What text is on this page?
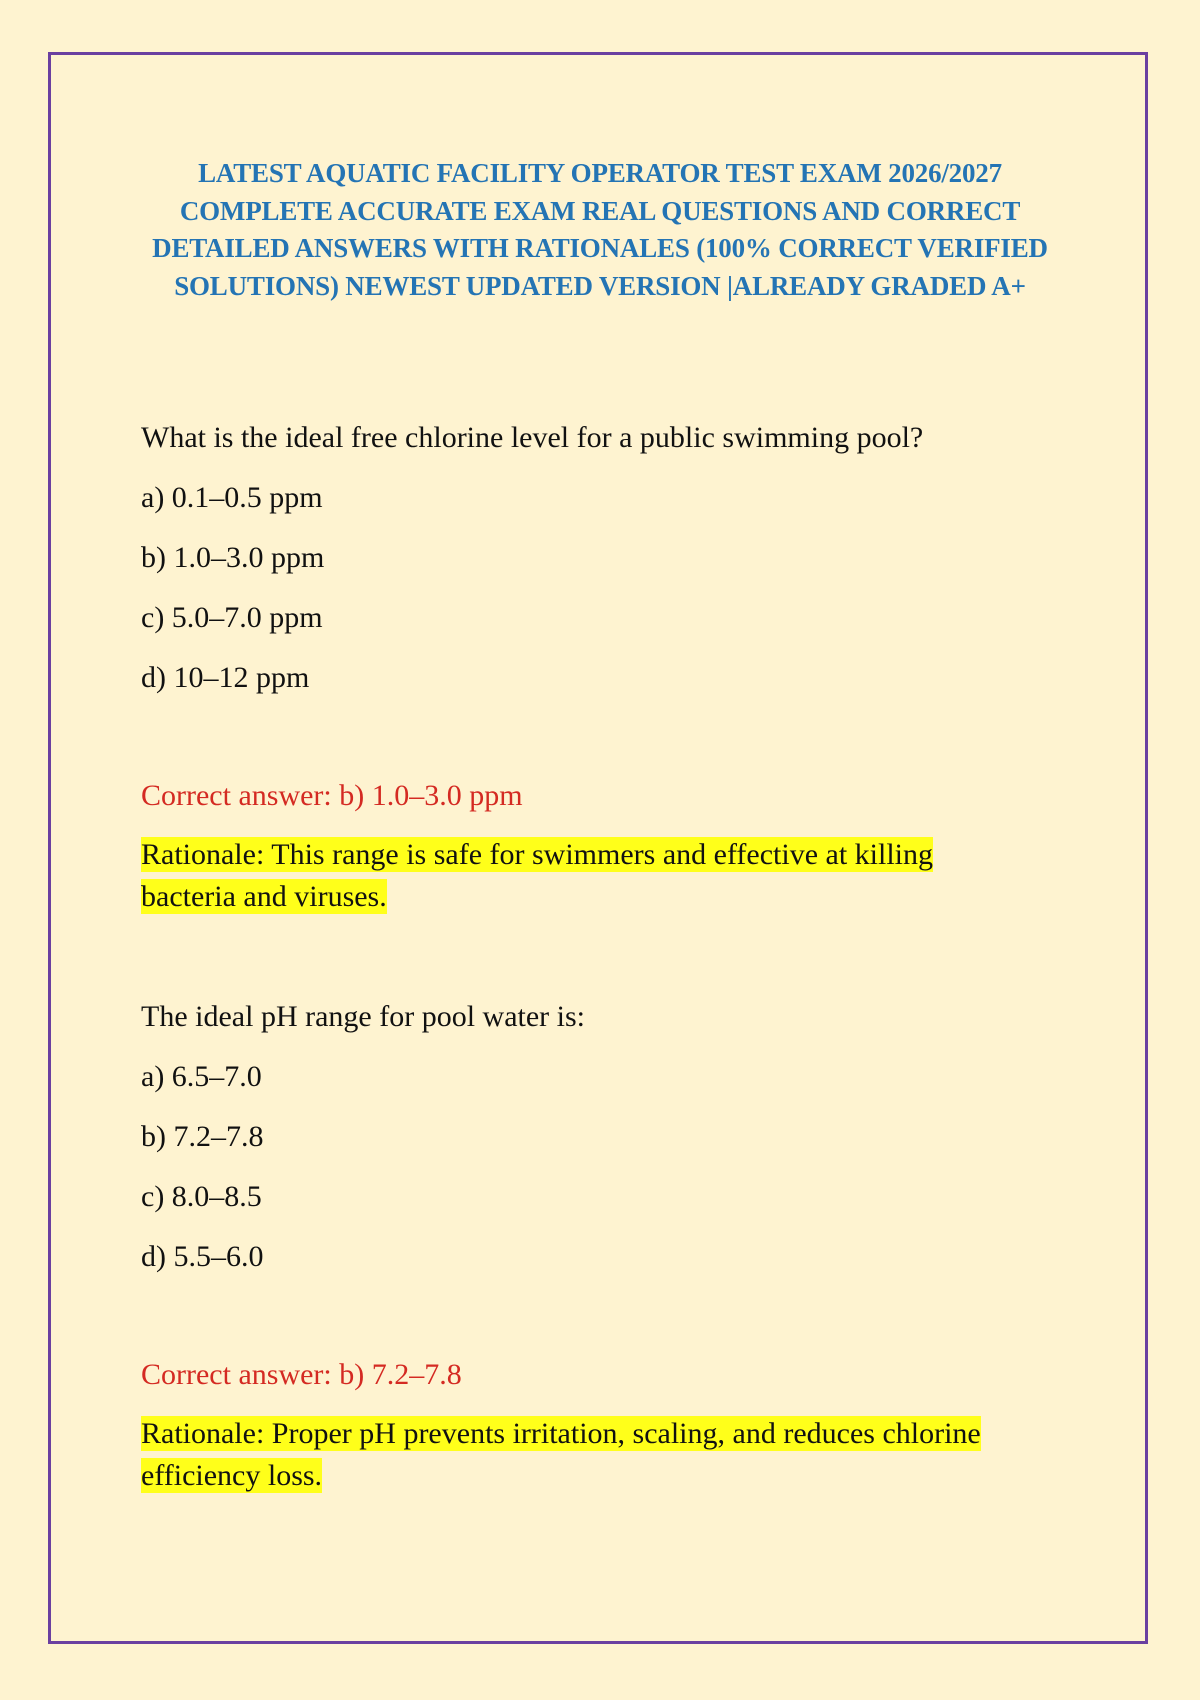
LATEST AQUATIC FACILITY OPERATOR TEST EXAM 2026/2027 COMPLETE ACCURATE EXAM REAL QUESTIONS AND CORRECT DETAILED ANSWERS WITH RATIONALES (100% CORRECT VERIFIED SOLUTIONS) NEWEST UPDATED VERSION |ALREADY GRADED A+

What is the ideal free chlorine level for a public swimming pool?

a) 0.1–0.5 ppm
b) 1.0–3.0 ppm
c) 5.0–7.0 ppm
d) 10–12 ppm

Correct answer: b) 1.0–3.0 ppm

Rationale: This range is safe for swimmers and effective at killing bacteria and viruses.

The ideal pH range for pool water is:

a) 6.5–7.0
b) 7.2–7.8
c) 8.0–8.5
d) 5.5–6.0

Correct answer: b) 7.2–7.8

Rationale: Proper pH prevents irritation, scaling, and reduces chlorine efficiency loss.
